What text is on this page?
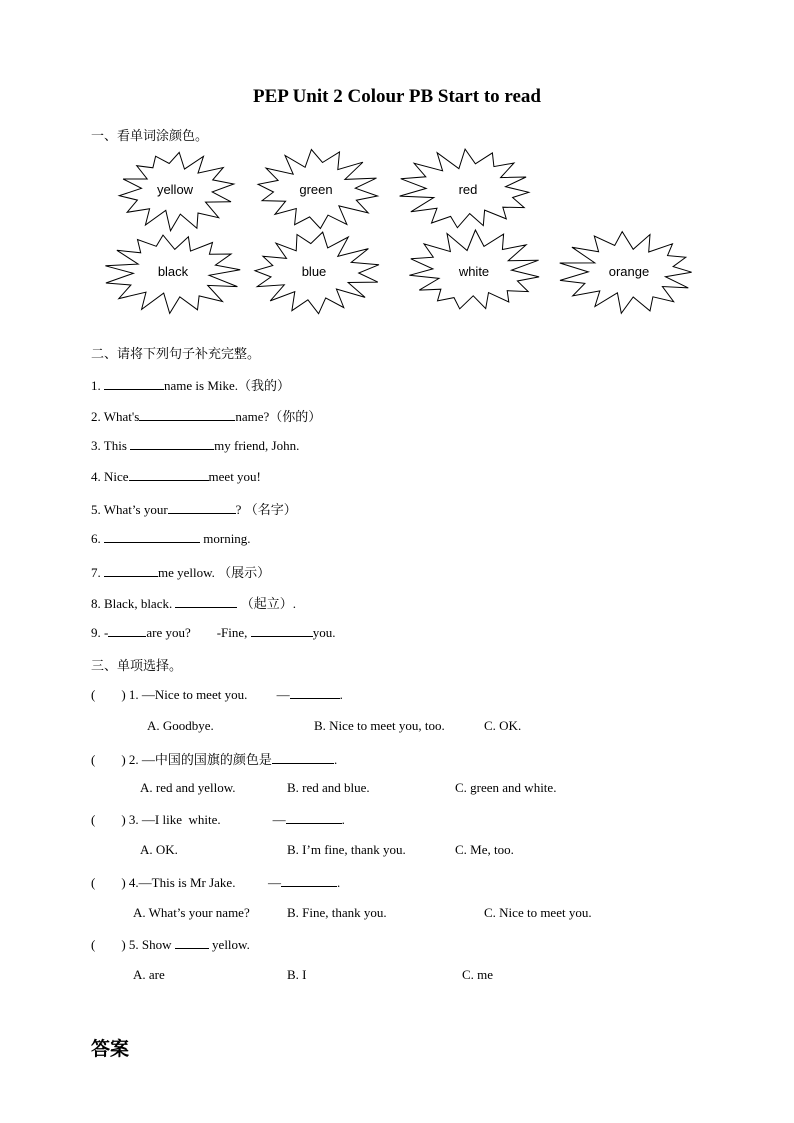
PEP Unit 2 Colour PB Start to read
一、看单词涂颜色。
yellow	green	red
black	blue	white	orange
二、请将下列句子补充完整。
1.	name is Mike.（我的）
2. What's	name?（你的）
3. This	my friend, John.
4. Nice	meet you!
5. What’s your	? （名字）
6.	morning.
7.	me yellow. （展示）
8. Black, black.	（起立）.
9. -	are you?        -Fine,	you.
三、单项选择。
(        ) 1. —Nice to meet you.         —	.
A. Goodbye.	B. Nice to meet you, too.	C. OK.
(        ) 2. —中国的国旗的颜色是	.
A. red and yellow.	B. red and blue.	C. green and white.
(        ) 3. —I like  white.                —	.
A. OK.	B. I’m fine, thank you.	C. Me, too.
(        ) 4.—This is Mr Jake.          —	.
A. What’s your name?	B. Fine, thank you.	C. Nice to meet you.
(        ) 5. Show	yellow.
A. are	B. I	C. me
答案
